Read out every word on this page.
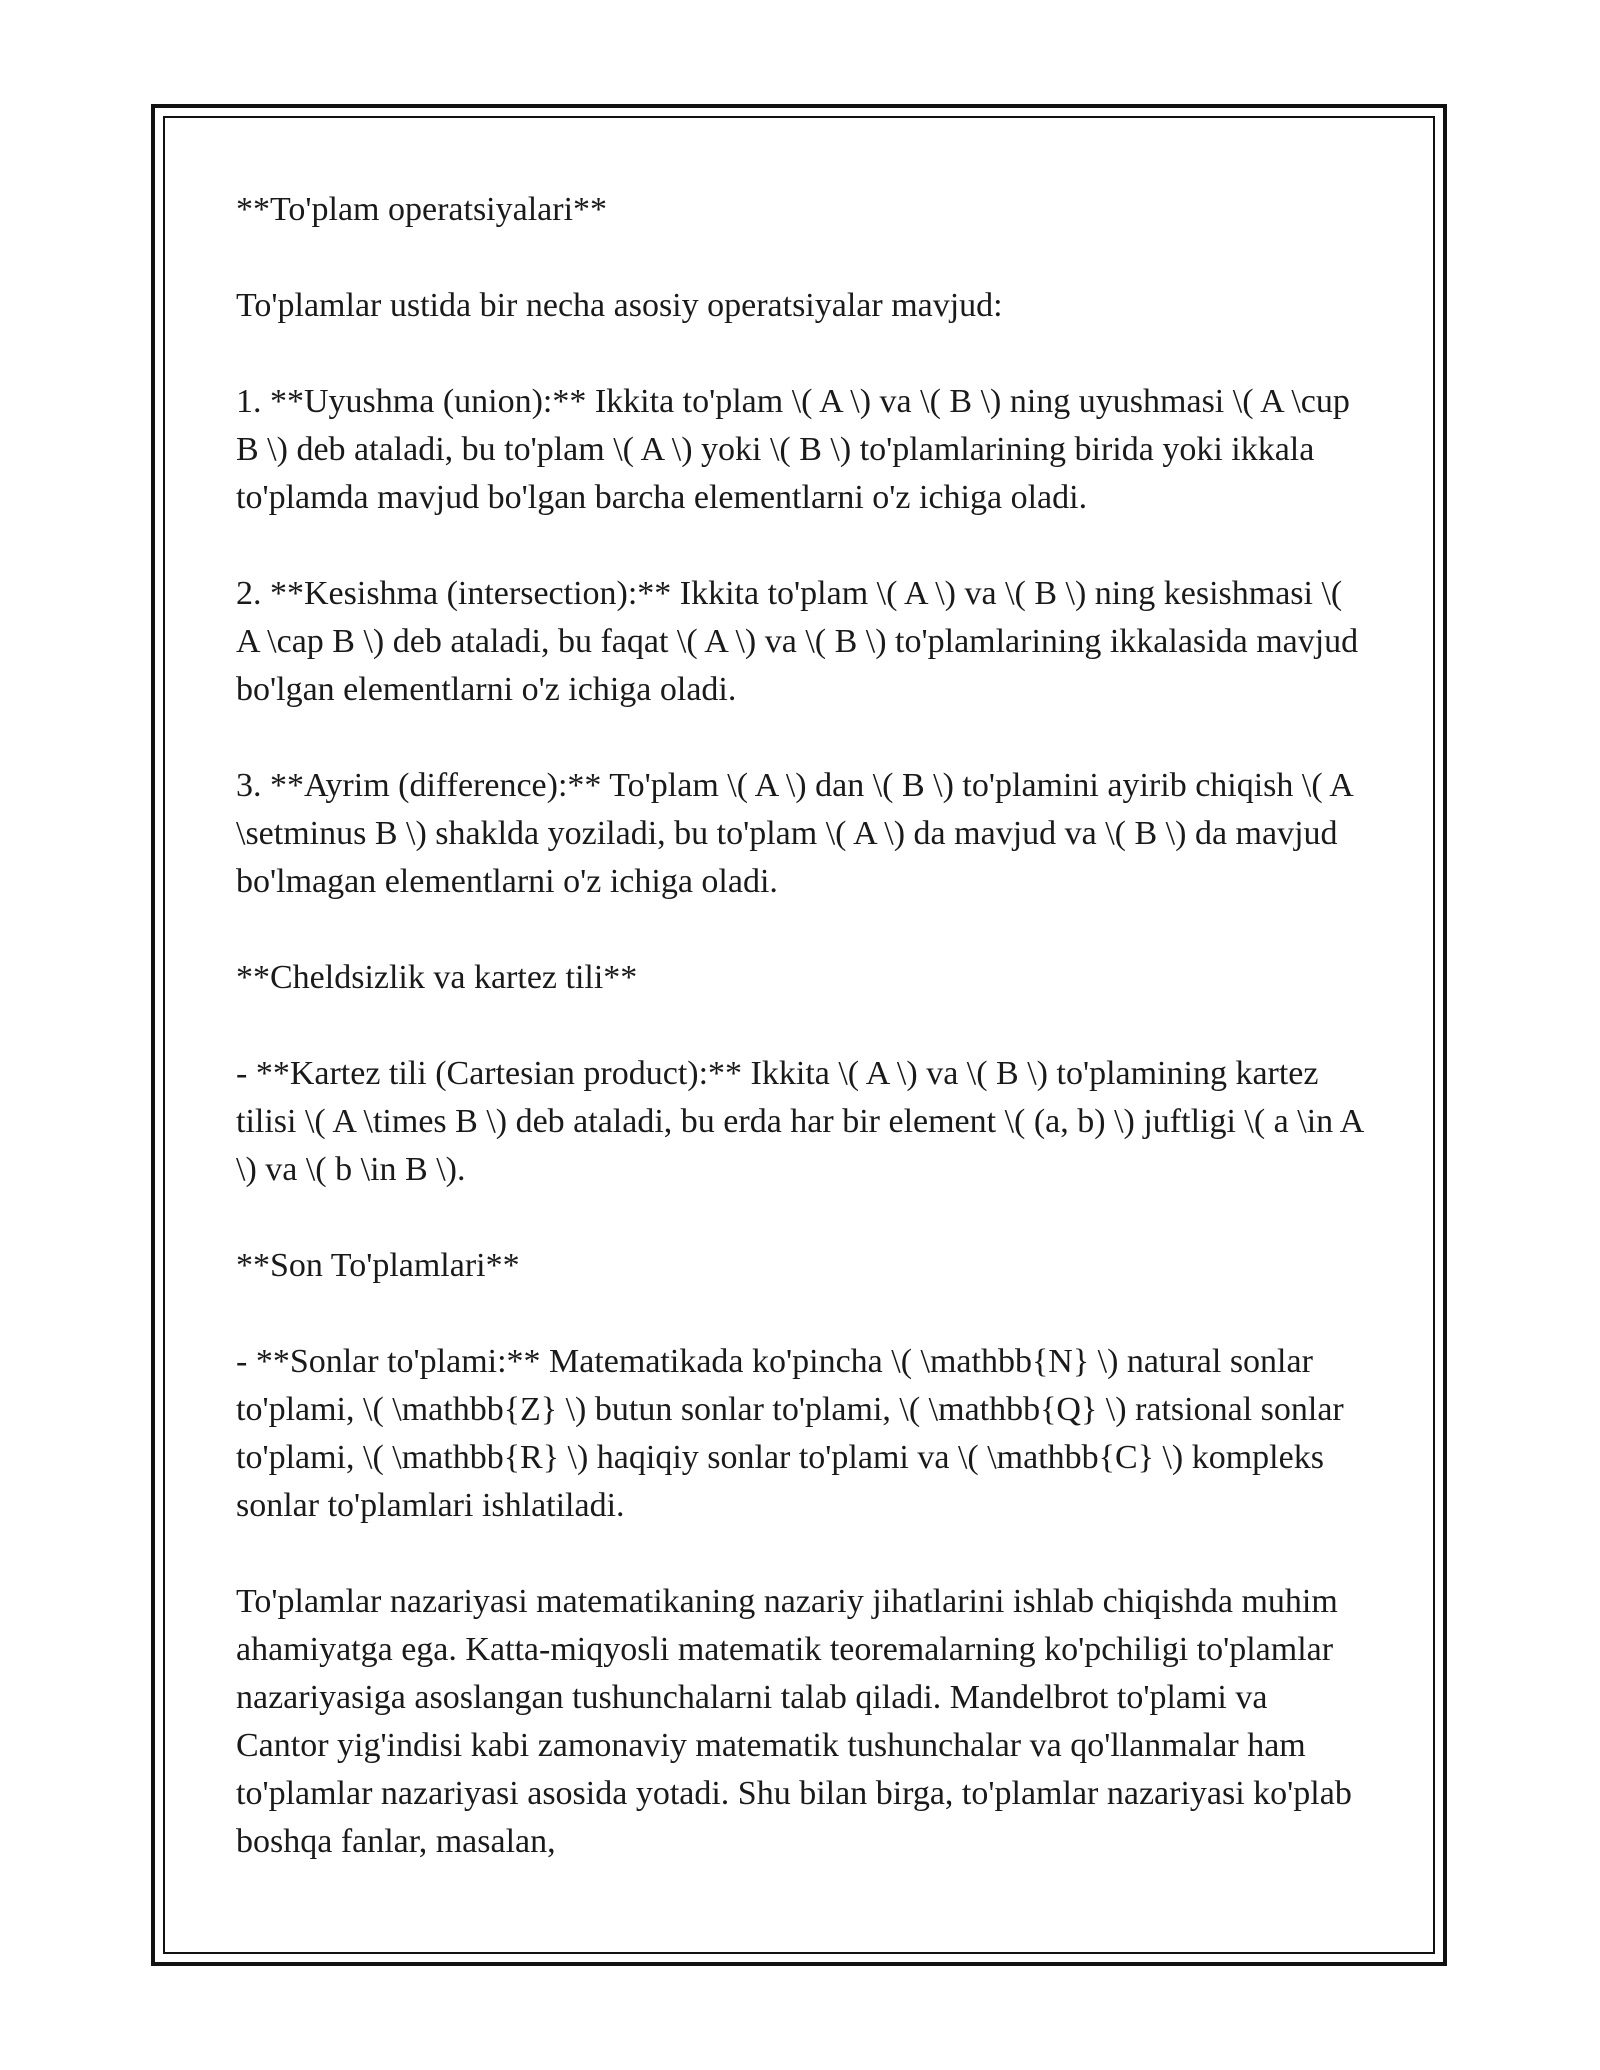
**To'plam operatsiyalari**

To'plamlar ustida bir necha asosiy operatsiyalar mavjud:

1. **Uyushma (union):** Ikkita to'plam \( A \) va \( B \) ning uyushmasi \( A \cup B \) deb ataladi, bu to'plam \( A \) yoki \( B \) to'plamlarining birida yoki ikkala to'plamda mavjud bo'lgan barcha elementlarni o'z ichiga oladi.

2. **Kesishma (intersection):** Ikkita to'plam \( A \) va \( B \) ning kesishmasi \( A \cap B \) deb ataladi, bu faqat \( A \) va \( B \) to'plamlarining ikkalasida mavjud bo'lgan elementlarni o'z ichiga oladi.

3. **Ayrim (difference):** To'plam \( A \) dan \( B \) to'plamini ayirib chiqish \( A \setminus B \) shaklda yoziladi, bu to'plam \( A \) da mavjud va \( B \) da mavjud bo'lmagan elementlarni o'z ichiga oladi.

**Cheldsizlik va kartez tili**

- **Kartez tili (Cartesian product):** Ikkita \( A \) va \( B \) to'plamining kartez tilisi \( A \times B \) deb ataladi, bu erda har bir element \( (a, b) \) juftligi \( a \in A \) va \( b \in B \).

**Son To'plamlari**

- **Sonlar to'plami:** Matematikada ko'pincha \( \mathbb{N} \) natural sonlar to'plami, \( \mathbb{Z} \) butun sonlar to'plami, \( \mathbb{Q} \) ratsional sonlar to'plami, \( \mathbb{R} \) haqiqiy sonlar to'plami va \( \mathbb{C} \) kompleks sonlar to'plamlari ishlatiladi.

To'plamlar nazariyasi matematikaning nazariy jihatlarini ishlab chiqishda muhim ahamiyatga ega. Katta-miqyosli matematik teoremalarning ko'pchiligi to'plamlar nazariyasiga asoslangan tushunchalarni talab qiladi. Mandelbrot to'plami va Cantor yig'indisi kabi zamonaviy matematik tushunchalar va qo'llanmalar ham to'plamlar nazariyasi asosida yotadi. Shu bilan birga, to'plamlar nazariyasi ko'plab boshqa fanlar, masalan,
